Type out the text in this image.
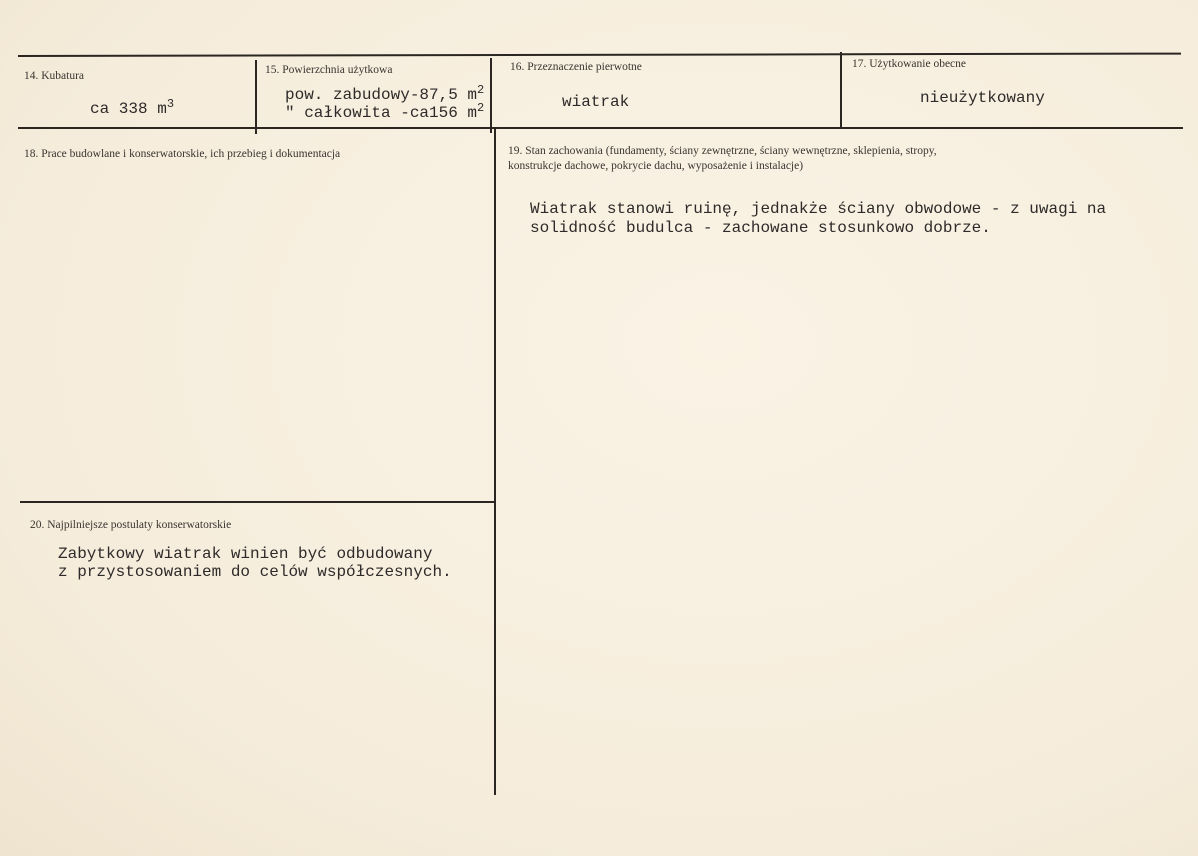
14. Kubatura
ca 338 $m^3$
15. Powierzchnia użytkowa
pow. zabudowy-87,5 $m^2$
" całkowita -ca156 $m^2$
16. Przeznaczenie pierwotne
wiatrak
17. Użytkowanie obecne
nieużytkowany
18. Prace budowlane i konserwatorskie, ich przebieg i dokumentacja	19. Stan zachowania (fundamenty, ściany zewnętrzne, ściany wewnętrzne, sklepienia, stropy,
konstrukcje dachowe, pokrycie dachu, wyposażenie i instalacje)
Wiatrak stanowi ruinę, jednakże ściany obwodowe - z uwagi na
solidność budulca - zachowane stosunkowo dobrze.
20. Najpilniejsze postulaty konserwatorskie
Zabytkowy wiatrak winien być odbudowany
z przystosowaniem do celów współczesnych.
